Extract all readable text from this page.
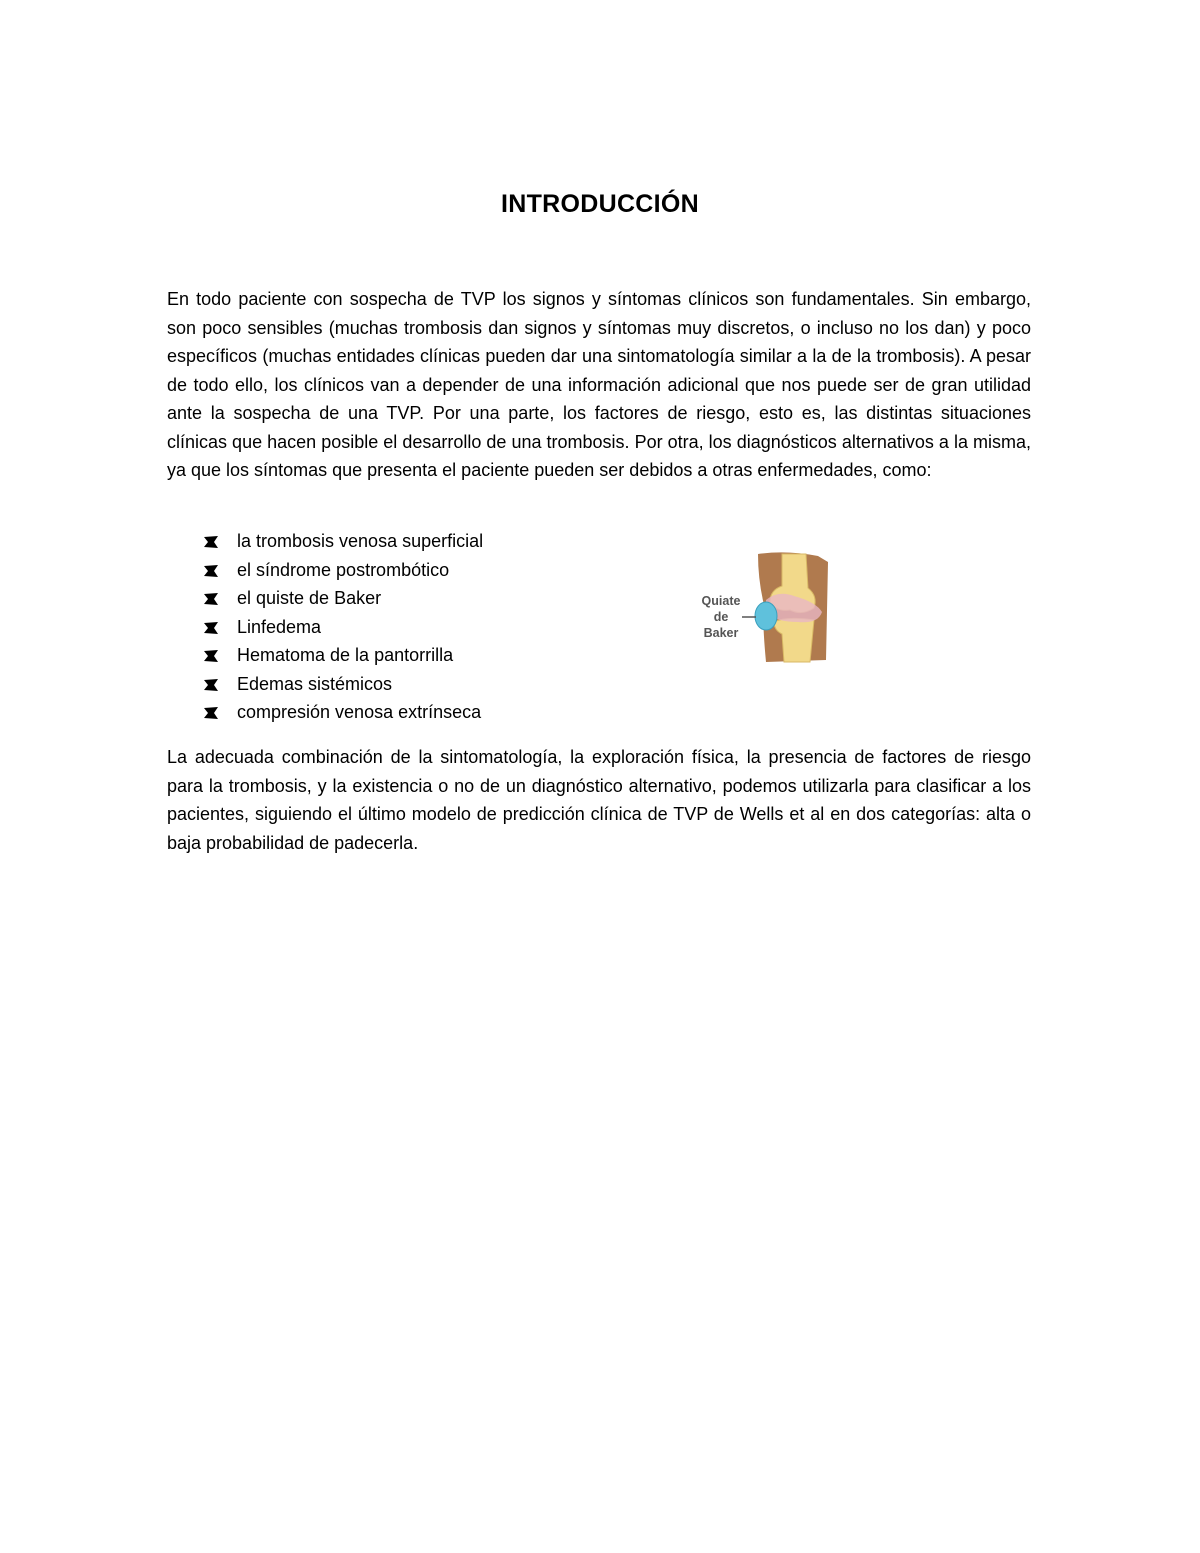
INTRODUCCIÓN

En todo paciente con sospecha de TVP los signos y síntomas clínicos son fundamentales. Sin embargo, son poco sensibles (muchas trombosis dan signos y síntomas muy discretos, o incluso no los dan) y poco específicos (muchas entidades clínicas pueden dar una sintomatología similar a la de la trombosis). A pesar de todo ello, los clínicos van a depender de una información adicional que nos puede ser de gran utilidad ante la sospecha de una TVP. Por una parte, los factores de riesgo, esto es, las distintas situaciones clínicas que hacen posible el desarrollo de una trombosis. Por otra, los diagnósticos alternativos a la misma, ya que los síntomas que presenta el paciente pueden ser debidos a otras enfermedades, como:

la trombosis venosa superficial
el síndrome postrombótico
el quiste de Baker
Linfedema
Hematoma de la pantorrilla
Edemas sistémicos
compresión venosa extrínseca
Quiate
de
Baker

La adecuada combinación de la sintomatología, la exploración física, la presencia de factores de riesgo para la trombosis, y la existencia o no de un diagnóstico alternativo, podemos utilizarla para clasificar a los pacientes, siguiendo el último modelo de predicción clínica de TVP de Wells et al en dos categorías: alta o baja probabilidad de padecerla.
